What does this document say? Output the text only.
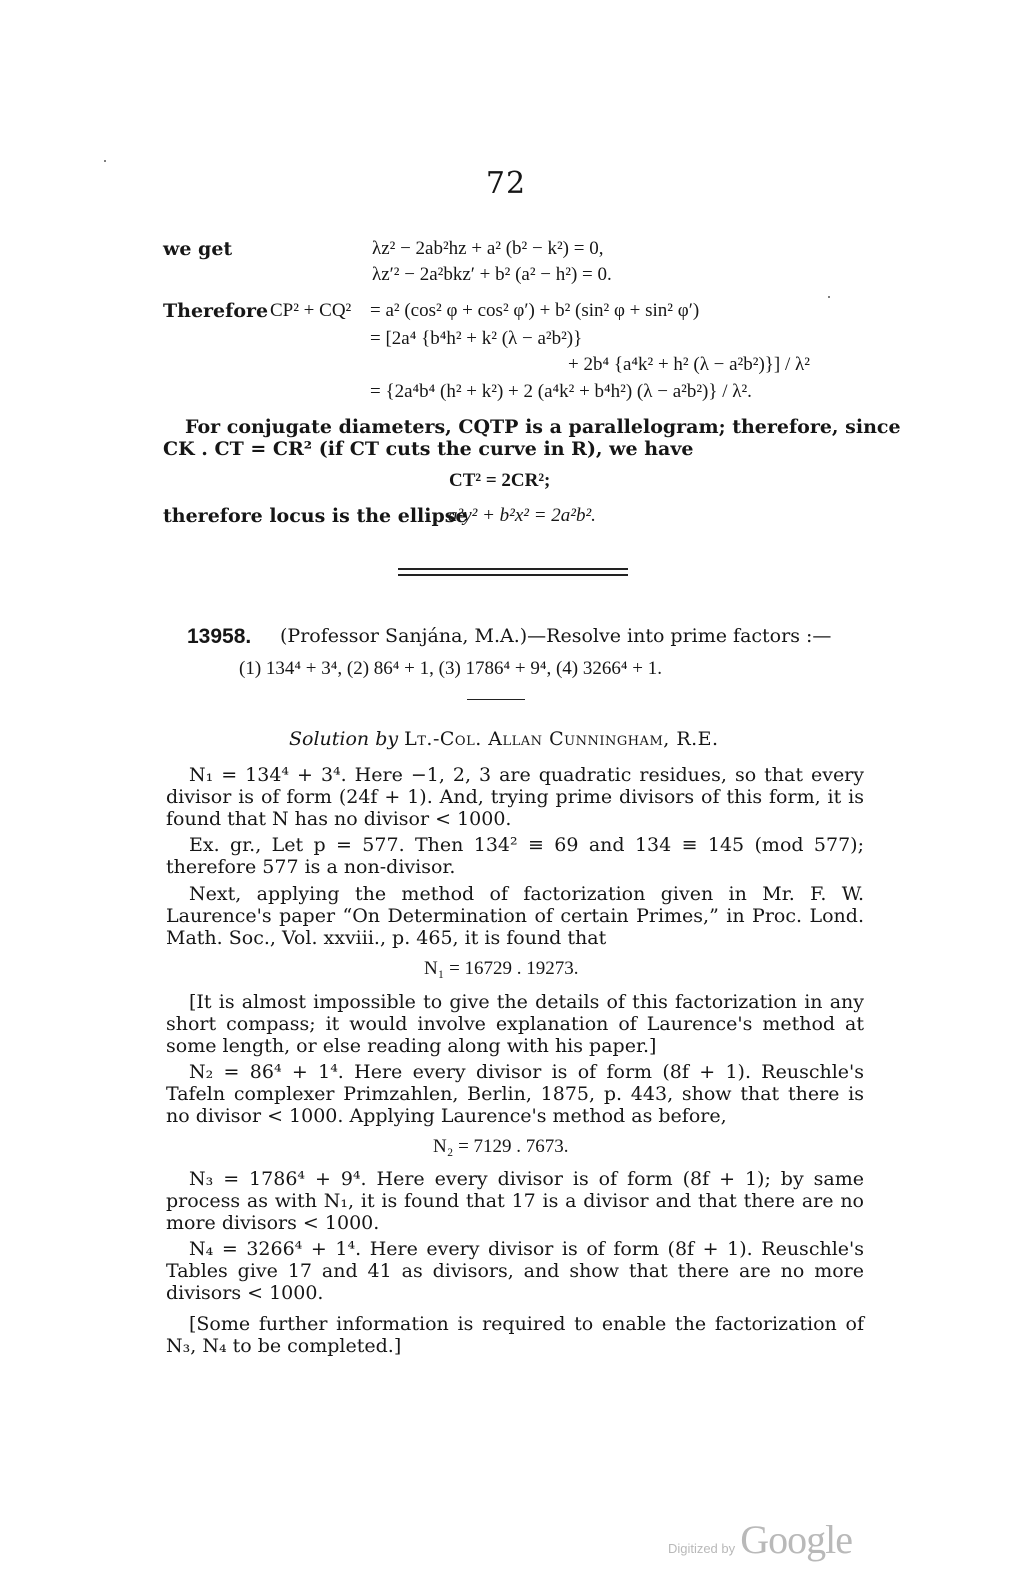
72
we get	λz² − 2ab²hz + a² (b² − k²) = 0,
λz′² − 2a²bkz′ + b² (a² − h²) = 0.
Therefore CP² + CQ² = a² (cos² φ + cos² φ′) + b² (sin² φ + sin² φ′)
= [2a⁴ {b⁴h² + k² (λ − a²b²)}
+ 2b⁴ {a⁴k² + h² (λ − a²b²)}] / λ²
= {2a⁴b⁴ (h² + k²) + 2 (a⁴k² + b⁴h²) (λ − a²b²)} / λ².
For conjugate diameters, CQTP is a parallelogram; therefore, since
CK . CT = CR² (if CT cuts the curve in R), we have
CT² = 2CR²;
therefore locus is the ellipse
a²y² + b²x² = 2a²b².
13958. (Professor Sanjána, M.A.)—Resolve into prime factors :—
(1) 134⁴ + 3⁴, (2) 86⁴ + 1, (3) 1786⁴ + 9⁴, (4) 3266⁴ + 1.
Solution by Lt.-Col. Allan Cunningham, R.E.
N₁ = 134⁴ + 3⁴. Here −1, 2, 3 are quadratic residues, so that every divisor is of form (24f + 1). And, trying prime divisors of this form, it is found that N has no divisor < 1000.
Ex. gr., Let p = 577. Then 134² ≡ 69 and 134 ≡ 145 (mod 577); therefore 577 is a non-divisor.
Next, applying the method of factorization given in Mr. F. W. Laurence's paper “On Determination of certain Primes,” in Proc. Lond. Math. Soc., Vol. xxviii., p. 465, it is found that
N₁ = 16729 . 19273.
[It is almost impossible to give the details of this factorization in any short compass; it would involve explanation of Laurence's method at some length, or else reading along with his paper.]
N₂ = 86⁴ + 1⁴. Here every divisor is of form (8f + 1). Reuschle's Tafeln complexer Primzahlen, Berlin, 1875, p. 443, show that there is no divisor < 1000. Applying Laurence's method as before,
N₂ = 7129 . 7673.
N₃ = 1786⁴ + 9⁴. Here every divisor is of form (8f + 1); by same process as with N₁, it is found that 17 is a divisor and that there are no more divisors < 1000.
N₄ = 3266⁴ + 1⁴. Here every divisor is of form (8f + 1). Reuschle's Tables give 17 and 41 as divisors, and show that there are no more divisors < 1000.
[Some further information is required to enable the factorization of N₃, N₄ to be completed.]
Digitized by Google
